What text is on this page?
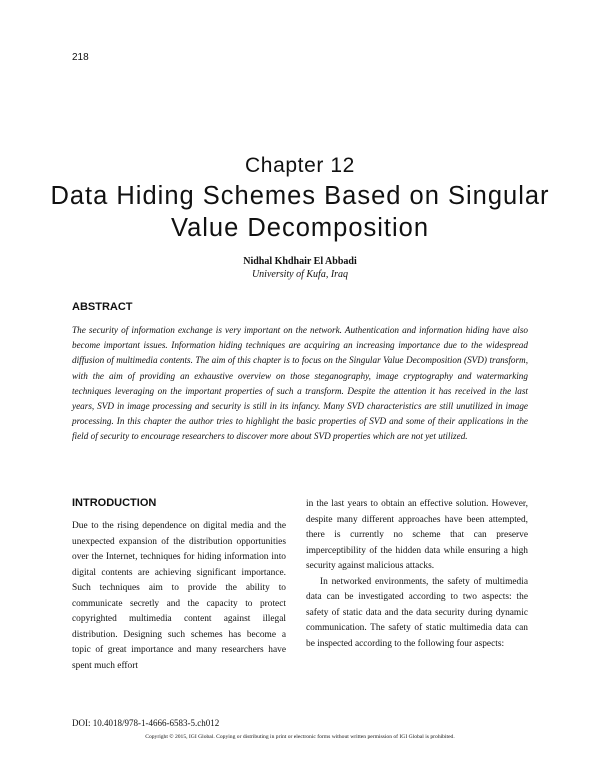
218
Chapter 12
Data Hiding Schemes Based on Singular Value Decomposition
Nidhal Khdhair El Abbadi
University of Kufa, Iraq
ABSTRACT
The security of information exchange is very important on the network. Authentication and information hiding have also become important issues. Information hiding techniques are acquiring an increasing importance due to the widespread diffusion of multimedia contents. The aim of this chapter is to focus on the Singular Value Decomposition (SVD) transform, with the aim of providing an exhaustive overview on those steganography, image cryptography and watermarking techniques leveraging on the important properties of such a transform. Despite the attention it has received in the last years, SVD in image processing and security is still in its infancy. Many SVD characteristics are still unutilized in image processing. In this chapter the author tries to highlight the basic properties of SVD and some of their applications in the field of security to encourage researchers to discover more about SVD properties which are not yet utilized.
INTRODUCTION

Due to the rising dependence on digital media and the unexpected expansion of the distribution opportunities over the Internet, techniques for hiding information into digital contents are achieving significant importance. Such techniques aim to provide the ability to communicate secretly and the capacity to protect copyrighted multimedia content against illegal distribution. Designing such schemes has become a topic of great importance and many researchers have spent much effort

in the last years to obtain an effective solution. However, despite many different approaches have been attempted, there is currently no scheme that can preserve imperceptibility of the hidden data while ensuring a high security against malicious attacks.

In networked environments, the safety of multimedia data can be investigated according to two aspects: the safety of static data and the data security during dynamic communication. The safety of static multimedia data can be inspected according to the following four aspects:

DOI: 10.4018/978-1-4666-6583-5.ch012
Copyright © 2015, IGI Global. Copying or distributing in print or electronic forms without written permission of IGI Global is prohibited.
